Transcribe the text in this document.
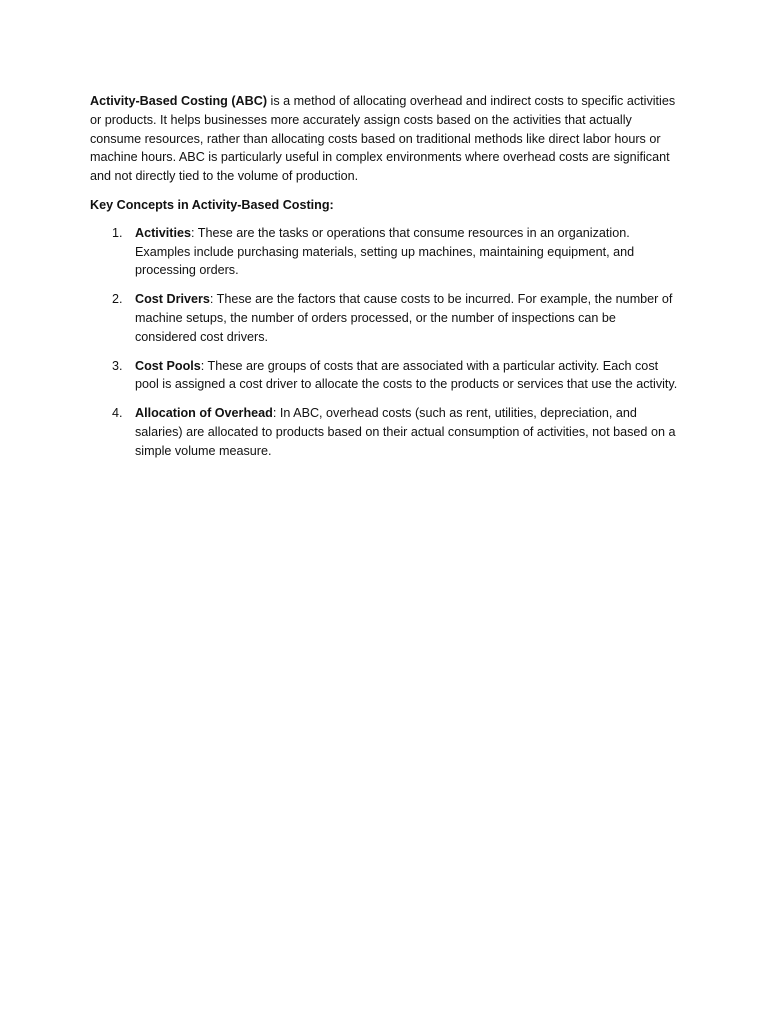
Activity-Based Costing (ABC) is a method of allocating overhead and indirect costs to specific activities or products. It helps businesses more accurately assign costs based on the activities that actually consume resources, rather than allocating costs based on traditional methods like direct labor hours or machine hours. ABC is particularly useful in complex environments where overhead costs are significant and not directly tied to the volume of production.

Key Concepts in Activity-Based Costing:

1. Activities: These are the tasks or operations that consume resources in an organization. Examples include purchasing materials, setting up machines, maintaining equipment, and processing orders.
2. Cost Drivers: These are the factors that cause costs to be incurred. For example, the number of machine setups, the number of orders processed, or the number of inspections can be considered cost drivers.
3. Cost Pools: These are groups of costs that are associated with a particular activity. Each cost pool is assigned a cost driver to allocate the costs to the products or services that use the activity.
4. Allocation of Overhead: In ABC, overhead costs (such as rent, utilities, depreciation, and salaries) are allocated to products based on their actual consumption of activities, not based on a simple volume measure.
